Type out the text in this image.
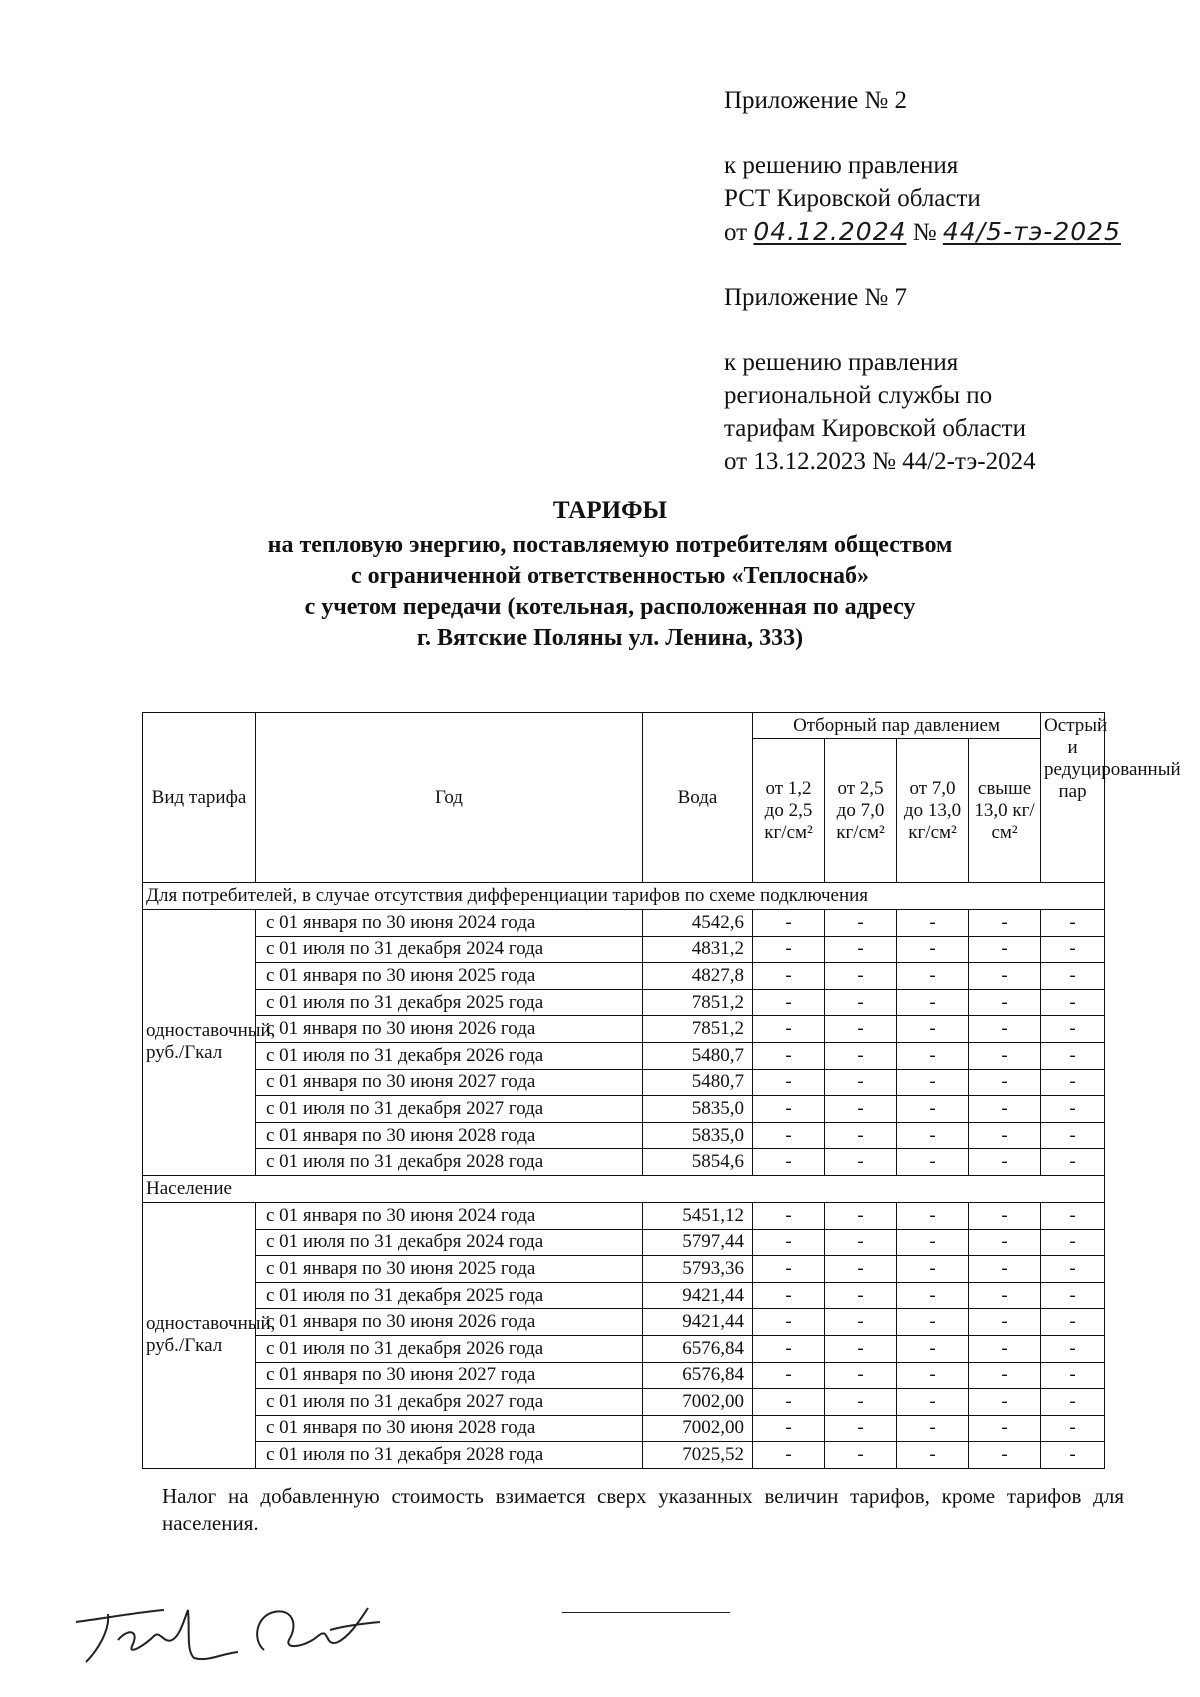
Приложение № 2

к решению правления

РСТ Кировской области

от 04.12.2024 № 44/5-тэ-2025

Приложение № 7

к решению правления

региональной службы по

тарифам Кировской области

от 13.12.2023 № 44/2-тэ-2024

ТАРИФЫ
на тепловую энергию, поставляемую потребителям обществом
с ограниченной ответственностью «Теплоснаб»
с учетом передачи (котельная, расположенная по адресу
г. Вятские Поляны ул. Ленина, 333)
Вид тарифа	Год	Вода	Отборный пар давлением				Острый и редуцированный пар
			от 1,2 до 2,5 кг/см²	от 2,5 до 7,0 кг/см²	от 7,0 до 13,0 кг/см²	свыше 13,0 кг/см²	
Для потребителей, в случае отсутствия дифференциации тарифов по схеме подключения							
одноставочный, руб./Гкал	с 01 января по 30 июня 2024 года	4542,6	-	-	-	-	-
	с 01 июля по 31 декабря 2024 года	4831,2	-	-	-	-	-
	с 01 января по 30 июня 2025 года	4827,8	-	-	-	-	-
	с 01 июля по 31 декабря 2025 года	7851,2	-	-	-	-	-
	с 01 января по 30 июня 2026 года	7851,2	-	-	-	-	-
	с 01 июля по 31 декабря 2026 года	5480,7	-	-	-	-	-
	с 01 января по 30 июня 2027 года	5480,7	-	-	-	-	-
	с 01 июля по 31 декабря 2027 года	5835,0	-	-	-	-	-
	с 01 января по 30 июня 2028 года	5835,0	-	-	-	-	-
	с 01 июля по 31 декабря 2028 года	5854,6	-	-	-	-	-
Население							
одноставочный, руб./Гкал	с 01 января по 30 июня 2024 года	5451,12	-	-	-	-	-
	с 01 июля по 31 декабря 2024 года	5797,44	-	-	-	-	-
	с 01 января по 30 июня 2025 года	5793,36	-	-	-	-	-
	с 01 июля по 31 декабря 2025 года	9421,44	-	-	-	-	-
	с 01 января по 30 июня 2026 года	9421,44	-	-	-	-	-
	с 01 июля по 31 декабря 2026 года	6576,84	-	-	-	-	-
	с 01 января по 30 июня 2027 года	6576,84	-	-	-	-	-
	с 01 июля по 31 декабря 2027 года	7002,00	-	-	-	-	-
	с 01 января по 30 июня 2028 года	7002,00	-	-	-	-	-
	с 01 июля по 31 декабря 2028 года	7025,52	-	-	-	-	-
Налог на добавленную стоимость взимается сверх указанных величин тарифов, кроме тарифов для населения.
